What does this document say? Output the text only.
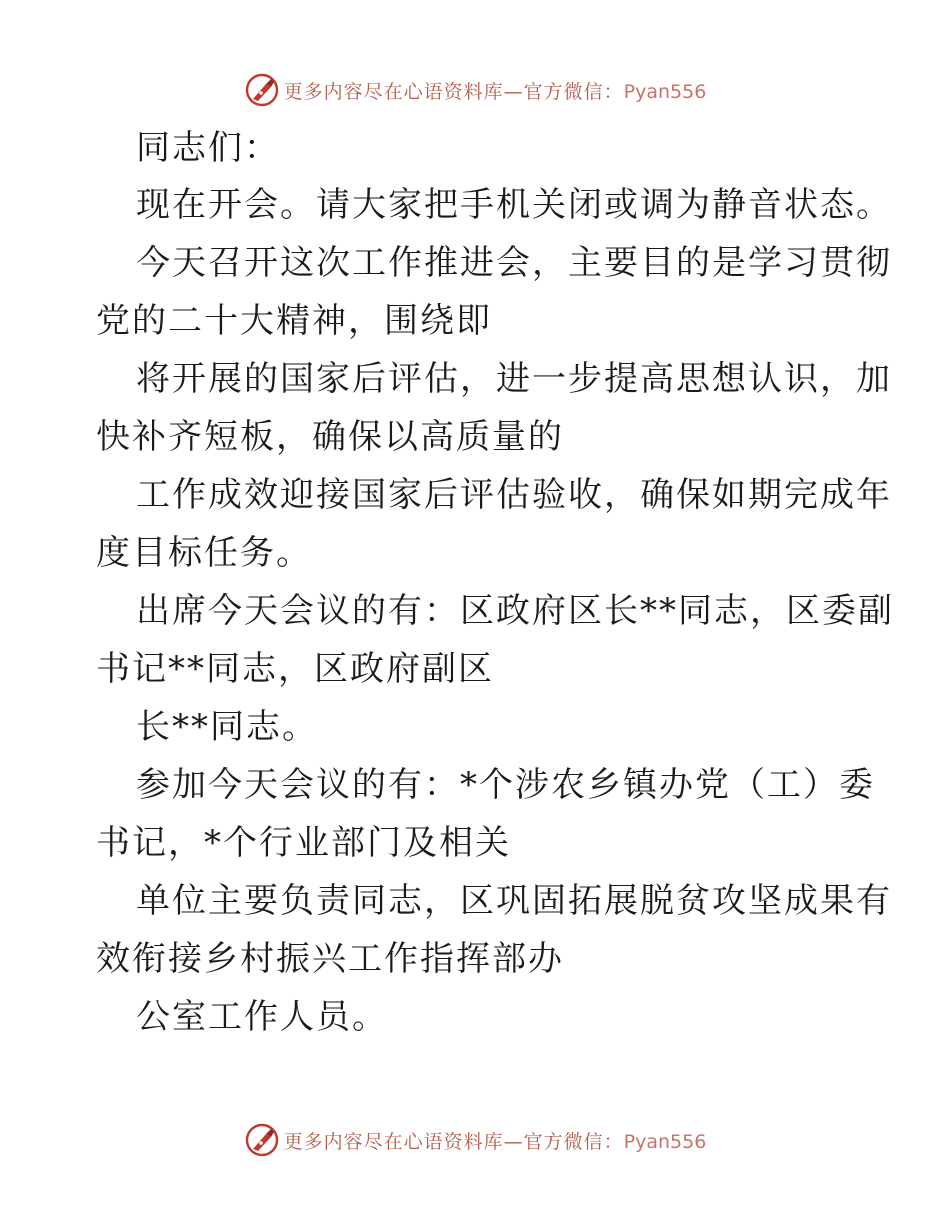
更多内容尽在心语资料库—官方微信：Pyan556
同志们：
现在开会。请大家把手机关闭或调为静音状态。
今天召开这次工作推进会，主要目的是学习贯彻
党的二十大精神，围绕即
将开展的国家后评估，进一步提高思想认识，加
快补齐短板，确保以高质量的
工作成效迎接国家后评估验收，确保如期完成年
度目标任务。
出席今天会议的有：区政府区长**同志，区委副
书记**同志，区政府副区
长**同志。
参加今天会议的有：*个涉农乡镇办党（工）委
书记，*个行业部门及相关
单位主要负责同志，区巩固拓展脱贫攻坚成果有
效衔接乡村振兴工作指挥部办
公室工作人员。
更多内容尽在心语资料库—官方微信：Pyan556
